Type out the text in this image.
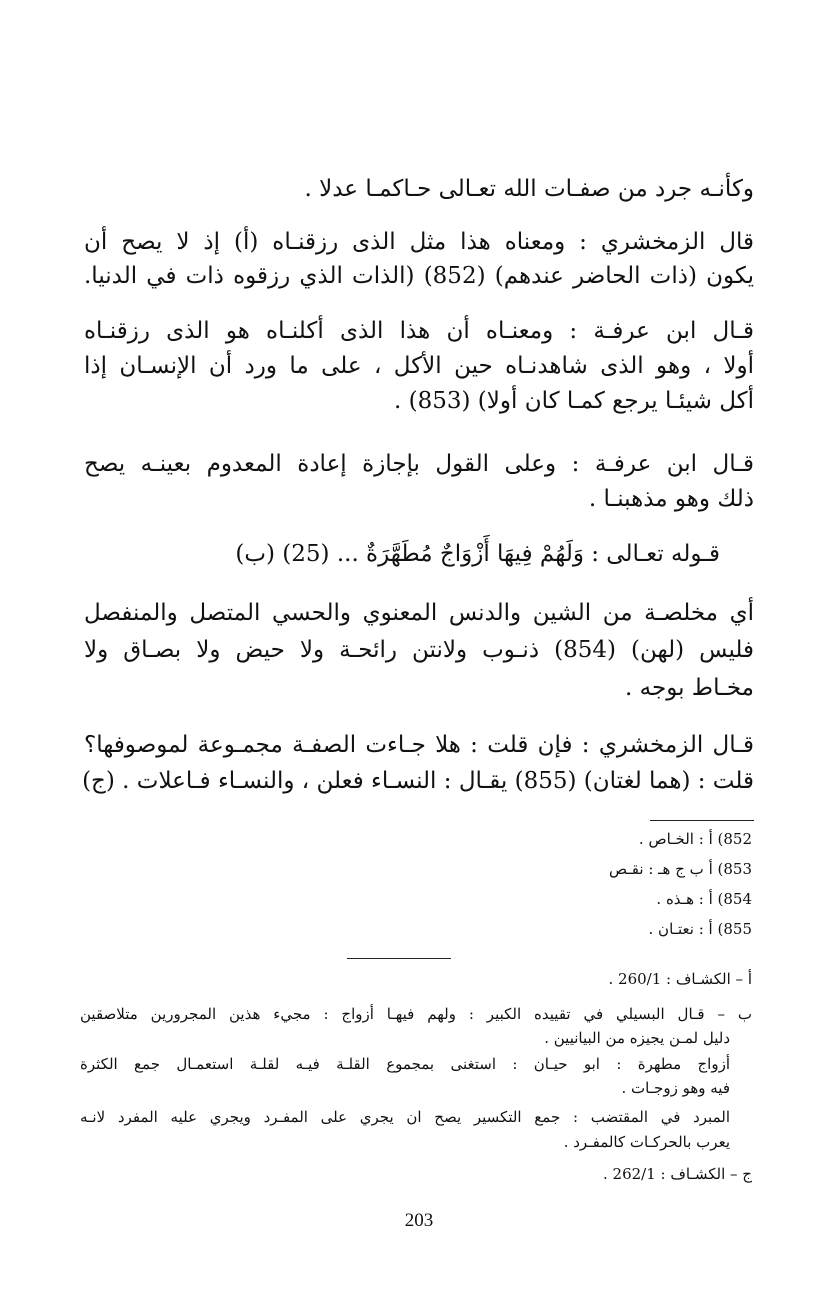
وكأنـه جرد من صفـات الله تعـالى حـاكمـا عدلا .
قال الزمخشري : ومعناه هذا مثل الذى رزقنـاه (أ) إذ لا يصح أن
يكون (ذات الحاضر عندهم) (852) (الذات الذي رزقوه ذات في الدنيا.
قـال ابن عرفـة : ومعنـاه أن هذا الذى أكلنـاه هو الذى رزقنـاه
أولا ، وهو الذى شاهدنـاه حين الأكل ، على ما ورد أن الإنسـان إذا
أكل شيئـا يرجع كمـا كان أولا) (853) .
قـال ابن عرفـة : وعلى القول بإجازة إعادة المعدوم بعينـه يصح
ذلك وهو مذهبنـا .
قـوله تعـالى : وَلَهُمْ فِيهَا أَزْوَاجٌ مُطَهَّرَةٌ ... (25) (ب)
أي مخلصـة من الشين والدنس المعنوي والحسي المتصل والمنفصل
فليس (لهن) (854) ذنـوب ولانتن رائحـة ولا حيض ولا بصـاق ولا
مخـاط بوجه .
قـال الزمخشري : فإن قلت : هلا جـاءت الصفـة مجمـوعة لموصوفها؟
قلت : (هما لغتان) (855) يقـال : النسـاء فعلن ، والنسـاء فـاعلات . (ج)
852) أ : الخـاص .
853) أ ب ج هـ : نقـص
854) أ : هـذه .
855) أ : نعتـان .
أ – الكشـاف : 260/1 .
ب – قـال البسيلي في تقييده الكبير : ولهم فيهـا أزواج : مجيء هذين المجرورين متلاصقين
دليل لمـن يجيزه من البيانيين .
أزواج مطهرة : ابو حيـان : استغنى بمجموع القلـة فيـه لقلـة استعمـال جمع الكثرة
فيه وهو زوجـات .
المبرد في المقتضب : جمع التكسير يصح ان يجري على المفـرد ويجري عليه المفرد لانـه
يعرب بالحركـات كالمفـرد .
ج – الكشـاف : 262/1 .
203
